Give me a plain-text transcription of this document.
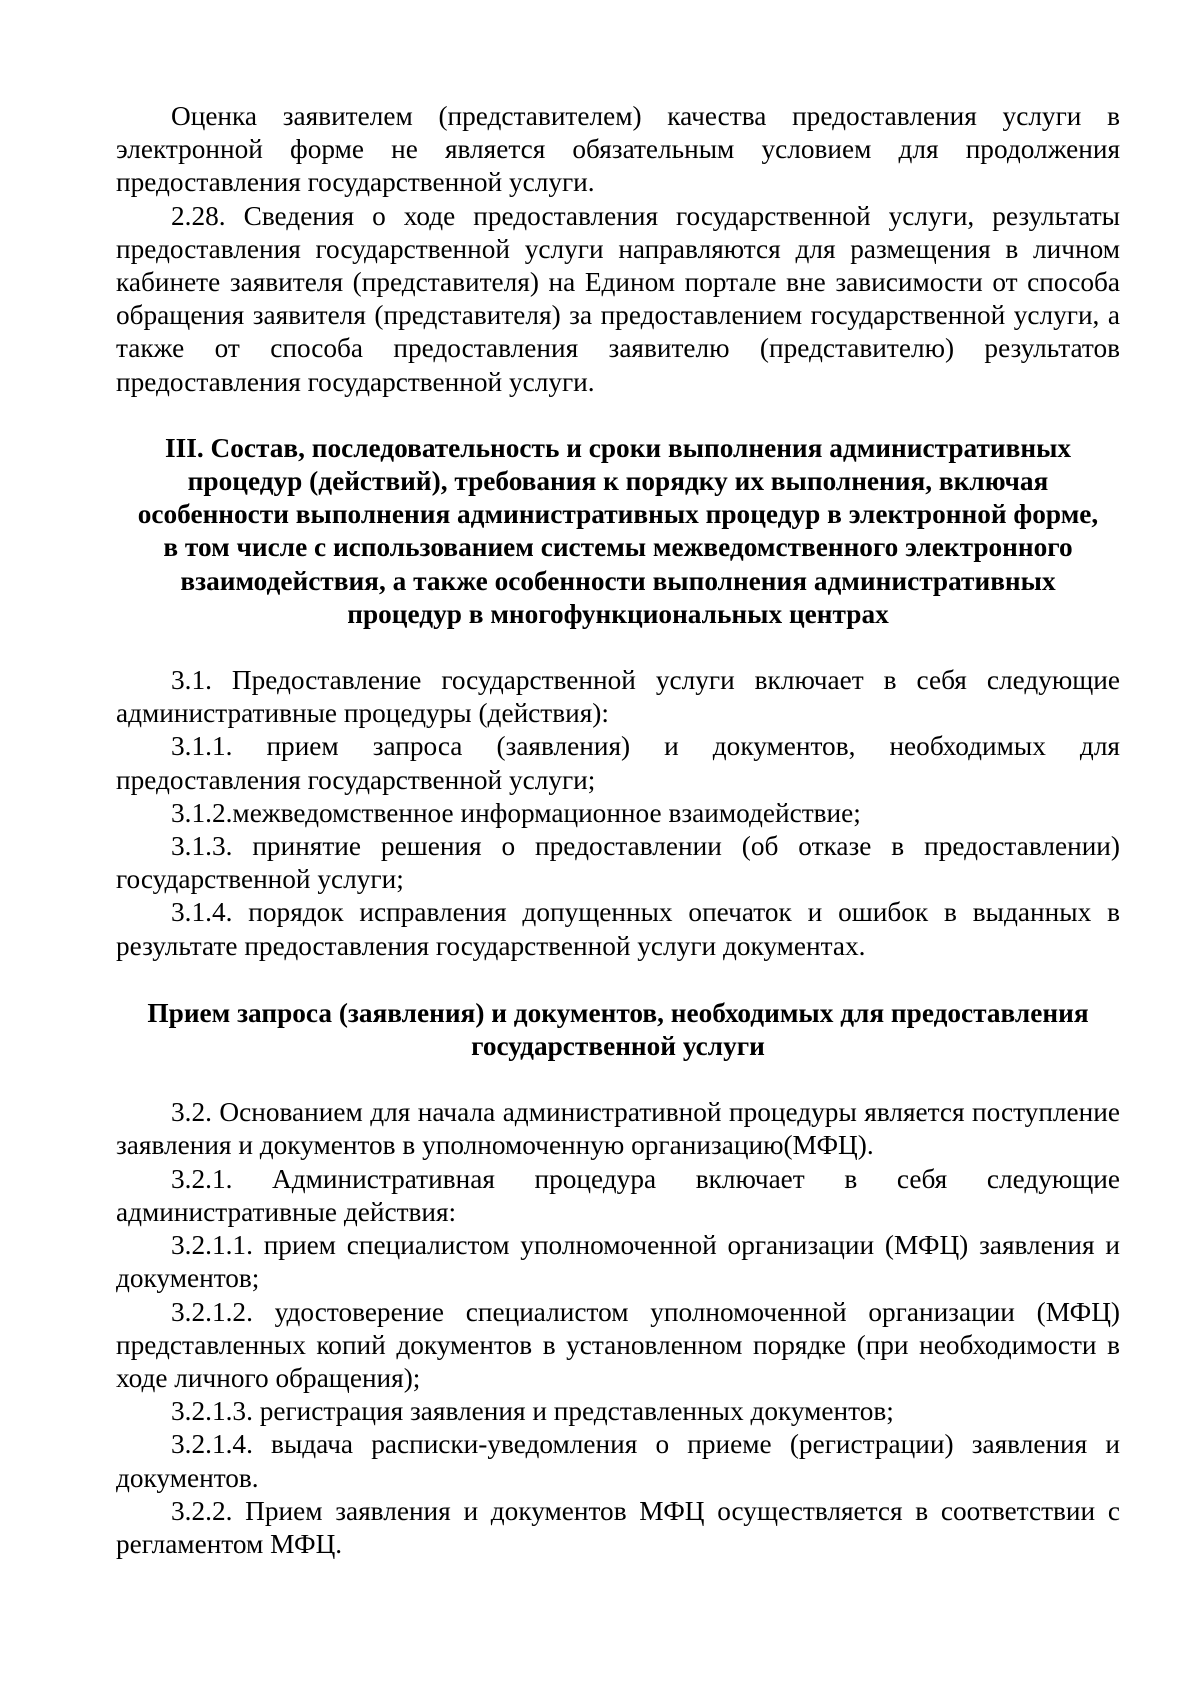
Оценка заявителем (представителем) качества предоставления услуги в электронной форме не является обязательным условием для продолжения предоставления государственной услуги.

2.28. Сведения о ходе предоставления государственной услуги, результаты предоставления государственной услуги направляются для размещения в личном кабинете заявителя (представителя) на Едином портале вне зависимости от способа обращения заявителя (представителя) за предоставлением государственной услуги, а также от способа предоставления заявителю (представителю) результатов предоставления государственной услуги.

III. Состав, последовательность и сроки выполнения административных
процедур (действий), требования к порядку их выполнения, включая
особенности выполнения административных процедур в электронной форме,
в том числе с использованием системы межведомственного электронного
взаимодействия, а также особенности выполнения административных
процедур в многофункциональных центрах

3.1. Предоставление государственной услуги включает в себя следующие административные процедуры (действия):

3.1.1. прием запроса (заявления) и документов, необходимых для предоставления государственной услуги;

3.1.2.межведомственное информационное взаимодействие;

3.1.3. принятие решения о предоставлении (об отказе в предоставлении) государственной услуги;

3.1.4. порядок исправления допущенных опечаток и ошибок в выданных в результате предоставления государственной услуги документах.

Прием запроса (заявления) и документов, необходимых для предоставления
государственной услуги

3.2. Основанием для начала административной процедуры является поступление заявления и документов в уполномоченную организацию(МФЦ).

3.2.1. Административная процедура включает в себя следующие административные действия:

3.2.1.1. прием специалистом уполномоченной организации (МФЦ) заявления и документов;

3.2.1.2. удостоверение специалистом уполномоченной организации (МФЦ) представленных копий документов в установленном порядке (при необходимости в ходе личного обращения);

3.2.1.3. регистрация заявления и представленных документов;

3.2.1.4. выдача расписки-уведомления о приеме (регистрации) заявления и документов.

3.2.2. Прием заявления и документов МФЦ осуществляется в соответствии с регламентом МФЦ.
